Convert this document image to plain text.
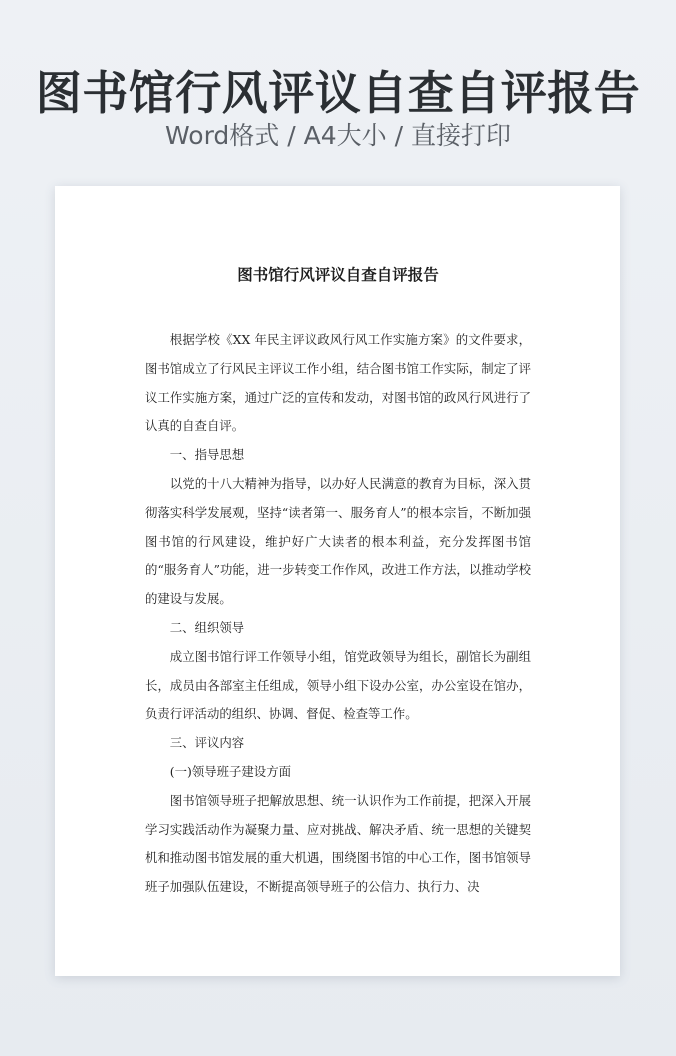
图书馆行风评议自查自评报告
Word格式 / A4大小 / 直接打印
图书馆行风评议自查自评报告

根据学校《XX 年民主评议政风行风工作实施方案》的文件要求，图书馆成立了行风民主评议工作小组，结合图书馆工作实际，制定了评议工作实施方案，通过广泛的宣传和发动，对图书馆的政风行风进行了认真的自查自评。

一、指导思想

以党的十八大精神为指导，以办好人民满意的教育为目标，深入贯彻落实科学发展观，坚持“读者第一、服务育人”的根本宗旨，不断加强图书馆的行风建设，维护好广大读者的根本利益，充分发挥图书馆的“服务育人”功能，进一步转变工作作风，改进工作方法，以推动学校的建设与发展。

二、组织领导

成立图书馆行评工作领导小组，馆党政领导为组长，副馆长为副组长，成员由各部室主任组成，领导小组下设办公室，办公室设在馆办，负责行评活动的组织、协调、督促、检查等工作。

三、评议内容

(一)领导班子建设方面

图书馆领导班子把解放思想、统一认识作为工作前提，把深入开展学习实践活动作为凝聚力量、应对挑战、解决矛盾、统一思想的关键契机和推动图书馆发展的重大机遇，围绕图书馆的中心工作，图书馆领导班子加强队伍建设，不断提高领导班子的公信力、执行力、决
